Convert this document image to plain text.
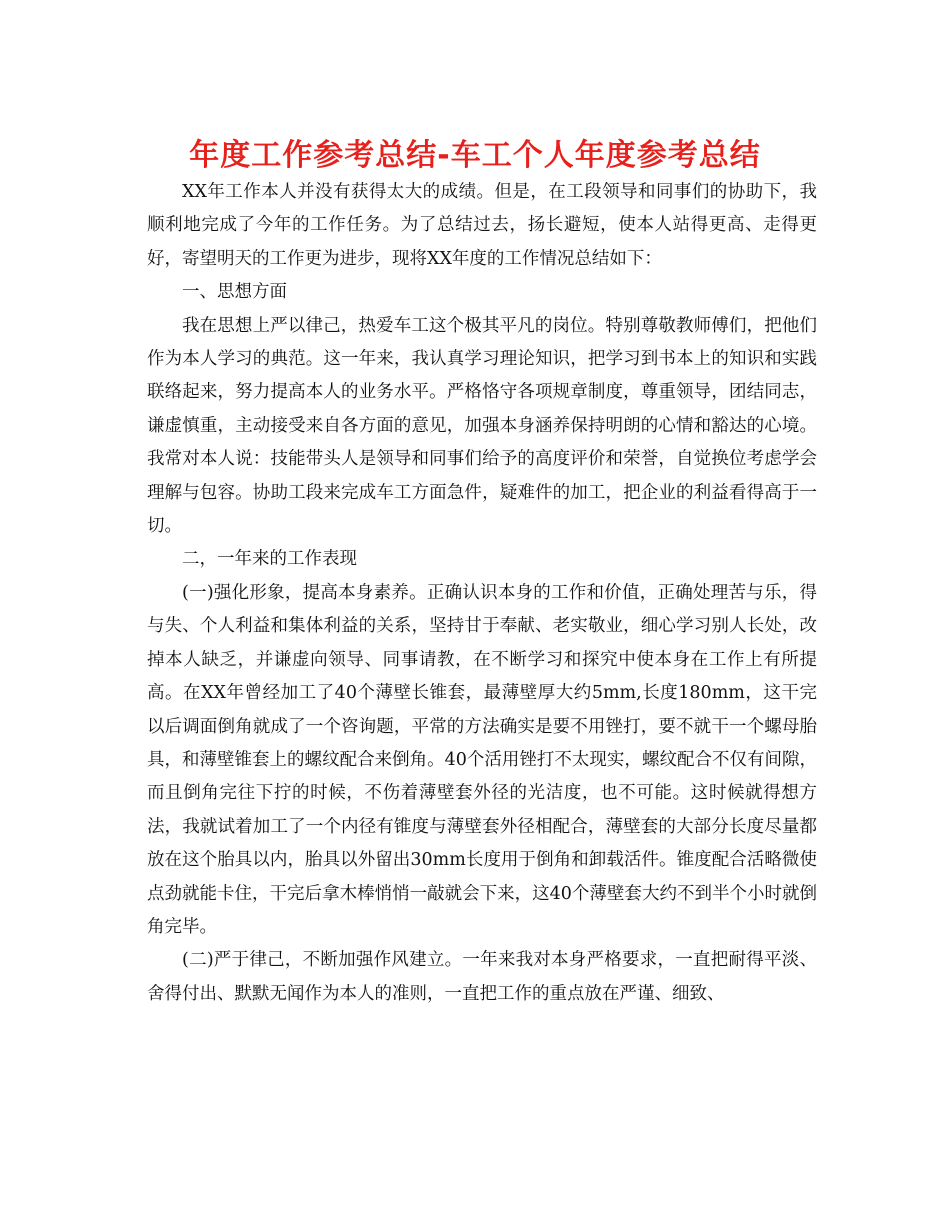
年度工作参考总结-车工个人年度参考总结

XX年工作本人并没有获得太大的成绩。但是，在工段领导和同事们的协助下，我顺利地完成了今年的工作任务。为了总结过去，扬长避短，使本人站得更高、走得更好，寄望明天的工作更为进步，现将XX年度的工作情况总结如下：

一、思想方面

我在思想上严以律己，热爱车工这个极其平凡的岗位。特别尊敬教师傅们，把他们作为本人学习的典范。这一年来，我认真学习理论知识，把学习到书本上的知识和实践联络起来，努力提高本人的业务水平。严格恪守各项规章制度，尊重领导，团结同志，谦虚慎重，主动接受来自各方面的意见，加强本身涵养保持明朗的心情和豁达的心境。我常对本人说：技能带头人是领导和同事们给予的高度评价和荣誉，自觉换位考虑学会理解与包容。协助工段来完成车工方面急件，疑难件的加工，把企业的利益看得高于一切。

二，一年来的工作表现

(一)强化形象，提高本身素养。正确认识本身的工作和价值，正确处理苦与乐，得与失、个人利益和集体利益的关系，坚持甘于奉献、老实敬业，细心学习别人长处，改掉本人缺乏，并谦虚向领导、同事请教，在不断学习和探究中使本身在工作上有所提高。在XX年曾经加工了40个薄壁长锥套，最薄壁厚大约5mm,长度180mm，这干完以后调面倒角就成了一个咨询题，平常的方法确实是要不用锉打，要不就干一个螺母胎具，和薄壁锥套上的螺纹配合来倒角。40个活用锉打不太现实，螺纹配合不仅有间隙，而且倒角完往下拧的时候，不伤着薄壁套外径的光洁度，也不可能。这时候就得想方法，我就试着加工了一个内径有锥度与薄壁套外径相配合，薄壁套的大部分长度尽量都放在这个胎具以内，胎具以外留出30mm长度用于倒角和卸载活件。锥度配合活略微使点劲就能卡住，干完后拿木棒悄悄一敲就会下来，这40个薄壁套大约不到半个小时就倒角完毕。

(二)严于律己，不断加强作风建立。一年来我对本身严格要求，一直把耐得平淡、舍得付出、默默无闻作为本人的准则，一直把工作的重点放在严谨、细致、
